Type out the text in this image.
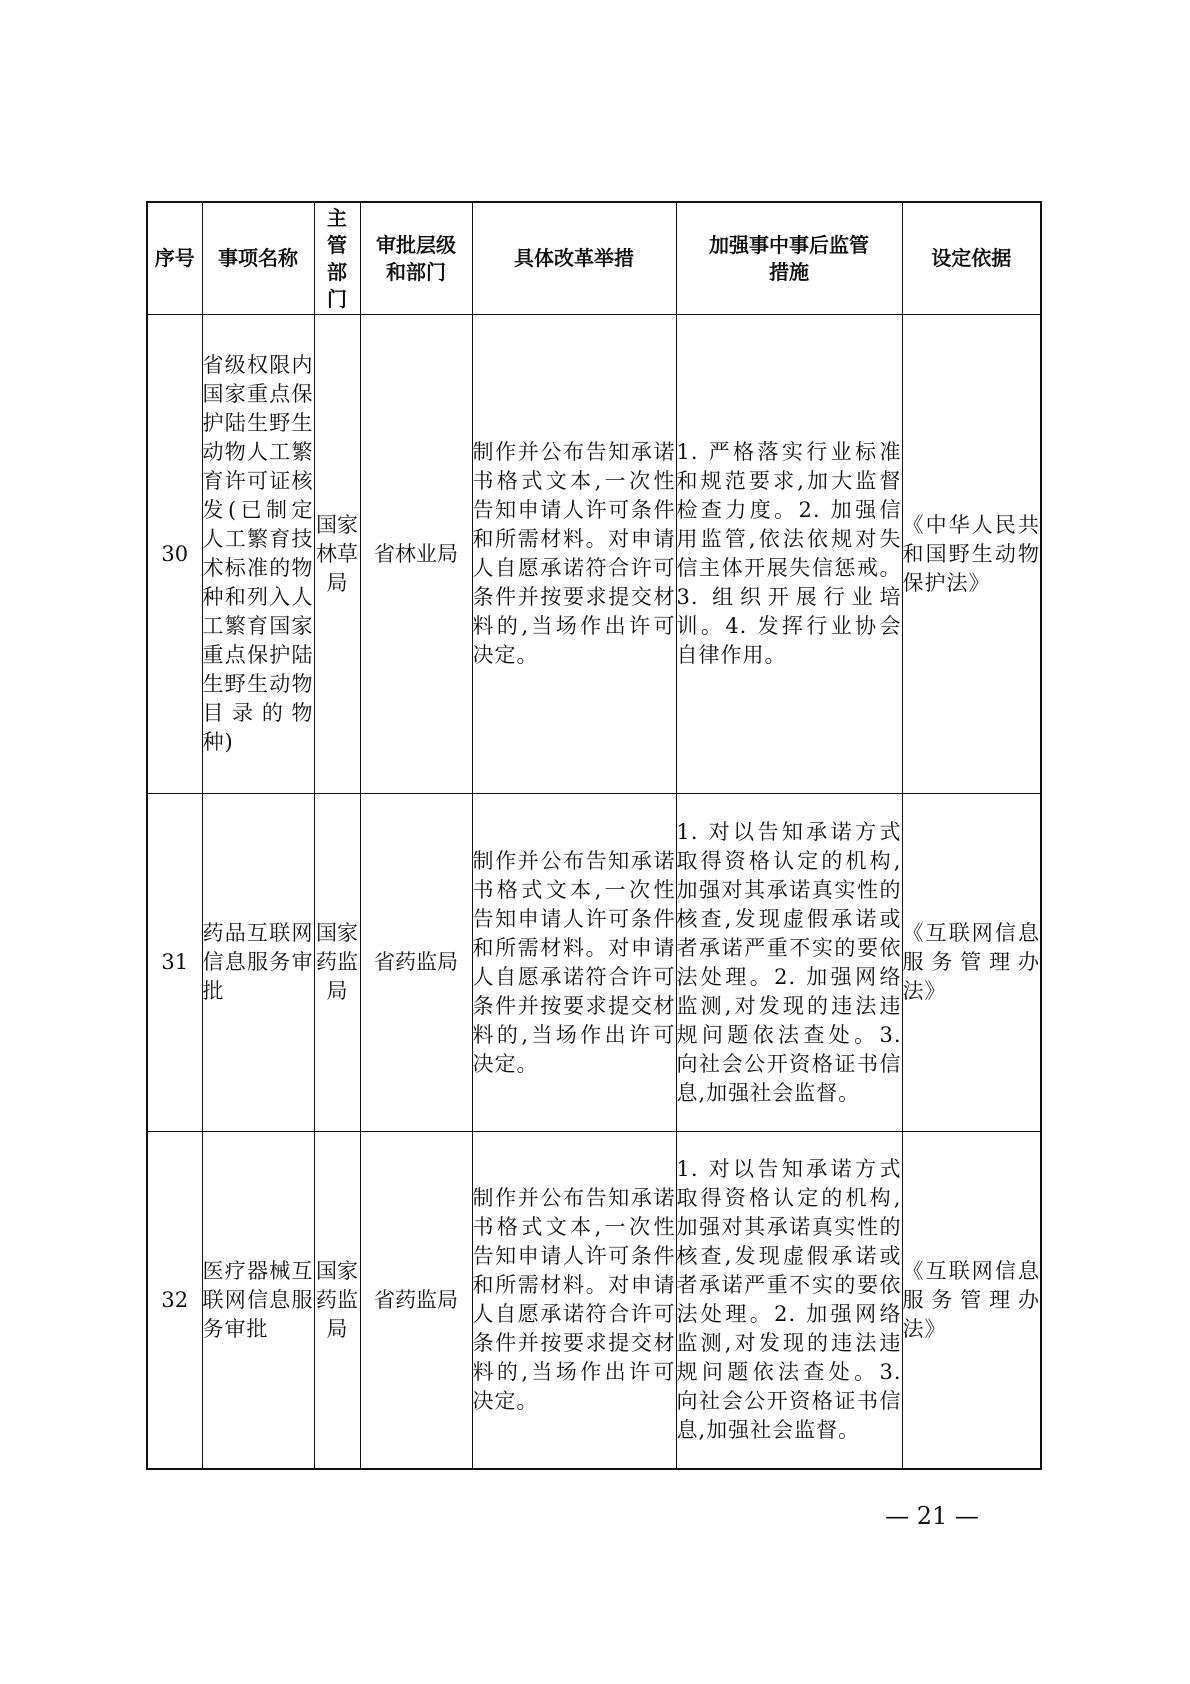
序号	事项名称	主管部门	审批层级和部门	具体改革举措	加强事中事后监管措施	设定依据
30	省级权限内国家重点保护陆生野生动物人工繁育许可证核发(已制定人工繁育技术标准的物种和列入人工繁育国家重点保护陆生野生动物目录的物种)	国家林草局	省林业局	制作并公布告知承诺书格式文本,一次性告知申请人许可条件和所需材料。对申请人自愿承诺符合许可条件并按要求提交材料的,当场作出许可决定。	1. 严格落实行业标准和规范要求,加大监督检查力度。2. 加强信用监管,依法依规对失信主体开展失信惩戒。3. 组织开展行业培训。4. 发挥行业协会自律作用。	《中华人民共和国野生动物保护法》
31	药品互联网信息服务审批	国家药监局	省药监局	制作并公布告知承诺书格式文本,一次性告知申请人许可条件和所需材料。对申请人自愿承诺符合许可条件并按要求提交材料的,当场作出许可决定。	1. 对以告知承诺方式取得资格认定的机构,加强对其承诺真实性的核查,发现虚假承诺或者承诺严重不实的要依法处理。2. 加强网络监测,对发现的违法违规问题依法查处。3. 向社会公开资格证书信息,加强社会监督。	《互联网信息服务管理办法》
32	医疗器械互联网信息服务审批	国家药监局	省药监局	制作并公布告知承诺书格式文本,一次性告知申请人许可条件和所需材料。对申请人自愿承诺符合许可条件并按要求提交材料的,当场作出许可决定。	1. 对以告知承诺方式取得资格认定的机构,加强对其承诺真实性的核查,发现虚假承诺或者承诺严重不实的要依法处理。2. 加强网络监测,对发现的违法违规问题依法查处。3. 向社会公开资格证书信息,加强社会监督。	《互联网信息服务管理办法》
— 21 —
